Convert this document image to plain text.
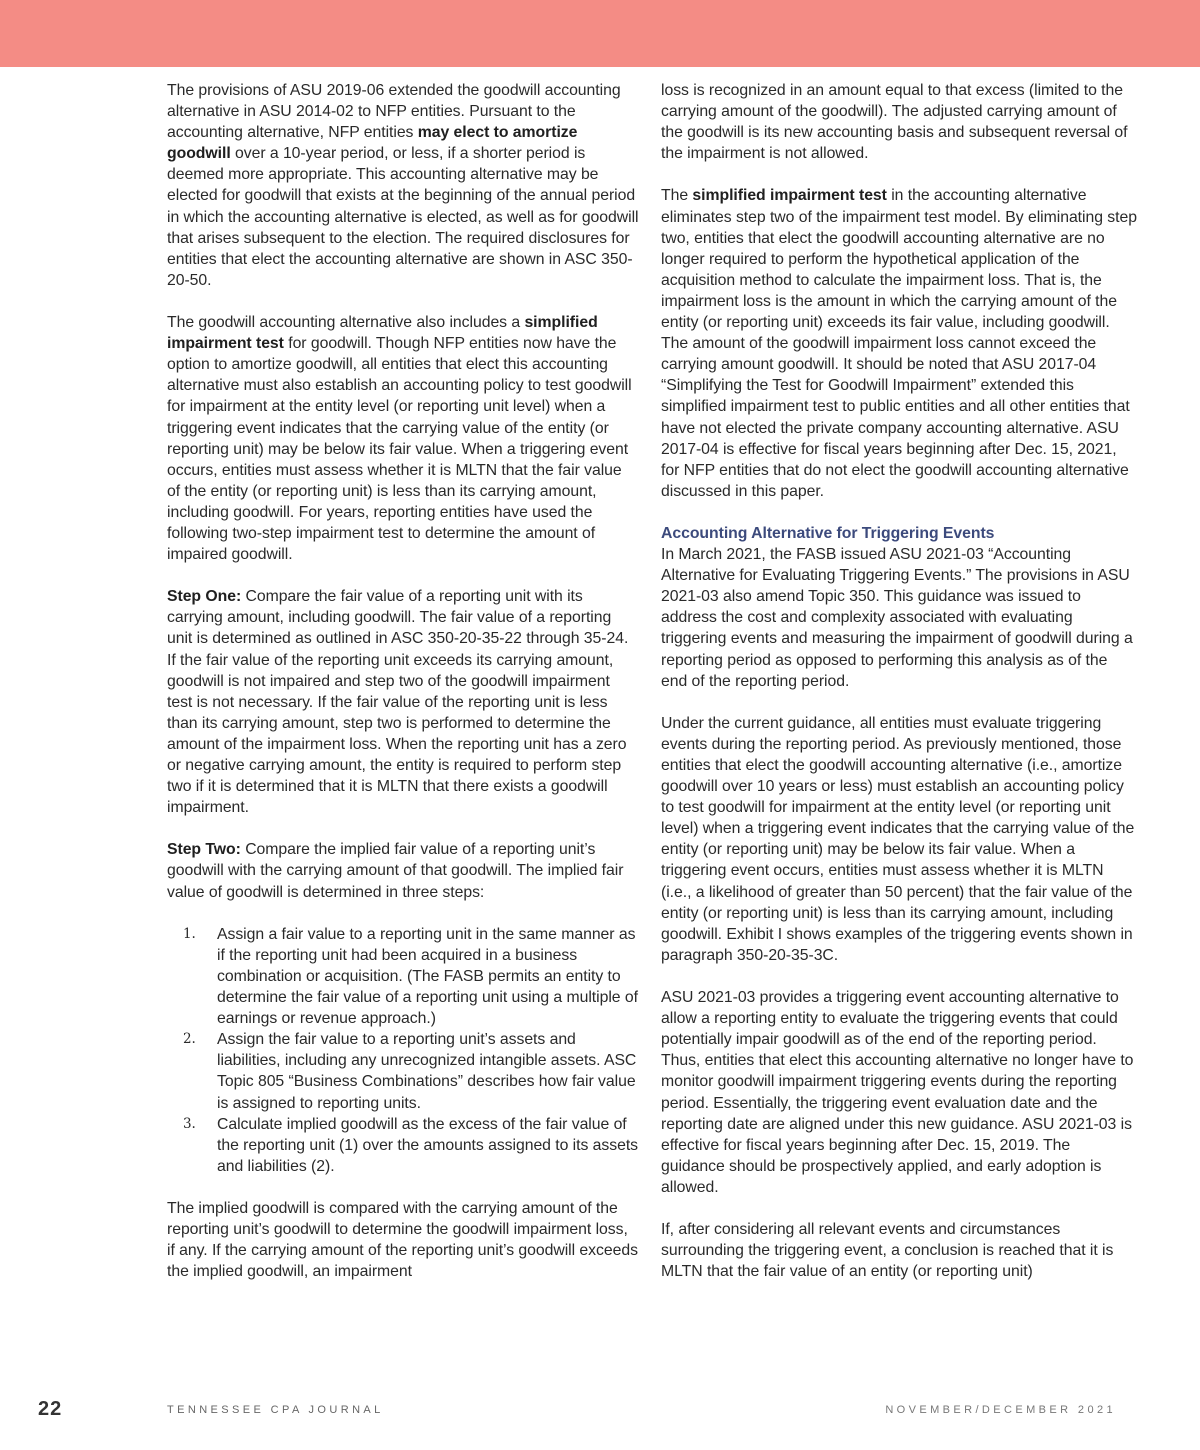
The provisions of ASU 2019-06 extended the goodwill accounting alternative in ASU 2014-02 to NFP entities. Pursuant to the accounting alternative, NFP entities may elect to amortize goodwill over a 10-year period, or less, if a shorter period is deemed more appropriate. This accounting alternative may be elected for goodwill that exists at the beginning of the annual period in which the accounting alternative is elected, as well as for goodwill that arises subsequent to the election. The required disclosures for entities that elect the accounting alternative are shown in ASC 350-20-50.

The goodwill accounting alternative also includes a simplified impairment test for goodwill. Though NFP entities now have the option to amortize goodwill, all entities that elect this accounting alternative must also establish an accounting policy to test goodwill for impairment at the entity level (or reporting unit level) when a triggering event indicates that the carrying value of the entity (or reporting unit) may be below its fair value. When a triggering event occurs, entities must assess whether it is MLTN that the fair value of the entity (or reporting unit) is less than its carrying amount, including goodwill. For years, reporting entities have used the following two-step impairment test to determine the amount of impaired goodwill.

Step One: Compare the fair value of a reporting unit with its carrying amount, including goodwill. The fair value of a reporting unit is determined as outlined in ASC 350-20-35-22 through 35-24. If the fair value of the reporting unit exceeds its carrying amount, goodwill is not impaired and step two of the goodwill impairment test is not necessary. If the fair value of the reporting unit is less than its carrying amount, step two is performed to determine the amount of the impairment loss. When the reporting unit has a zero or negative carrying amount, the entity is required to perform step two if it is determined that it is MLTN that there exists a goodwill impairment.

Step Two: Compare the implied fair value of a reporting unit’s goodwill with the carrying amount of that goodwill. The implied fair value of goodwill is determined in three steps:

1. Assign a fair value to a reporting unit in the same manner as if the reporting unit had been acquired in a business combination or acquisition. (The FASB permits an entity to determine the fair value of a reporting unit using a multiple of earnings or revenue approach.)
2. Assign the fair value to a reporting unit’s assets and liabilities, including any unrecognized intangible assets. ASC Topic 805 “Business Combinations” describes how fair value is assigned to reporting units.
3. Calculate implied goodwill as the excess of the fair value of the reporting unit (1) over the amounts assigned to its assets and liabilities (2).

The implied goodwill is compared with the carrying amount of the reporting unit’s goodwill to determine the goodwill impairment loss, if any. If the carrying amount of the reporting unit’s goodwill exceeds the implied goodwill, an impairment

loss is recognized in an amount equal to that excess (limited to the carrying amount of the goodwill). The adjusted carrying amount of the goodwill is its new accounting basis and subsequent reversal of the impairment is not allowed.

The simplified impairment test in the accounting alternative eliminates step two of the impairment test model. By eliminating step two, entities that elect the goodwill accounting alternative are no longer required to perform the hypothetical application of the acquisition method to calculate the impairment loss. That is, the impairment loss is the amount in which the carrying amount of the entity (or reporting unit) exceeds its fair value, including goodwill. The amount of the goodwill impairment loss cannot exceed the carrying amount goodwill. It should be noted that ASU 2017-04 “Simplifying the Test for Goodwill Impairment” extended this simplified impairment test to public entities and all other entities that have not elected the private company accounting alternative. ASU 2017-04 is effective for fiscal years beginning after Dec. 15, 2021, for NFP entities that do not elect the goodwill accounting alternative discussed in this paper.

Accounting Alternative for Triggering Events

In March 2021, the FASB issued ASU 2021-03 “Accounting Alternative for Evaluating Triggering Events.” The provisions in ASU 2021-03 also amend Topic 350. This guidance was issued to address the cost and complexity associated with evaluating triggering events and measuring the impairment of goodwill during a reporting period as opposed to performing this analysis as of the end of the reporting period.

Under the current guidance, all entities must evaluate triggering events during the reporting period. As previously mentioned, those entities that elect the goodwill accounting alternative (i.e., amortize goodwill over 10 years or less) must establish an accounting policy to test goodwill for impairment at the entity level (or reporting unit level) when a triggering event indicates that the carrying value of the entity (or reporting unit) may be below its fair value. When a triggering event occurs, entities must assess whether it is MLTN (i.e., a likelihood of greater than 50 percent) that the fair value of the entity (or reporting unit) is less than its carrying amount, including goodwill. Exhibit I shows examples of the triggering events shown in paragraph 350-20-35-3C.

ASU 2021-03 provides a triggering event accounting alternative to allow a reporting entity to evaluate the triggering events that could potentially impair goodwill as of the end of the reporting period. Thus, entities that elect this accounting alternative no longer have to monitor goodwill impairment triggering events during the reporting period. Essentially, the triggering event evaluation date and the reporting date are aligned under this new guidance. ASU 2021-03 is effective for fiscal years beginning after Dec. 15, 2019. The guidance should be prospectively applied, and early adoption is allowed.

If, after considering all relevant events and circumstances surrounding the triggering event, a conclusion is reached that it is MLTN that the fair value of an entity (or reporting unit)

22	TENNESSEE CPA JOURNAL	NOVEMBER/DECEMBER 2021
